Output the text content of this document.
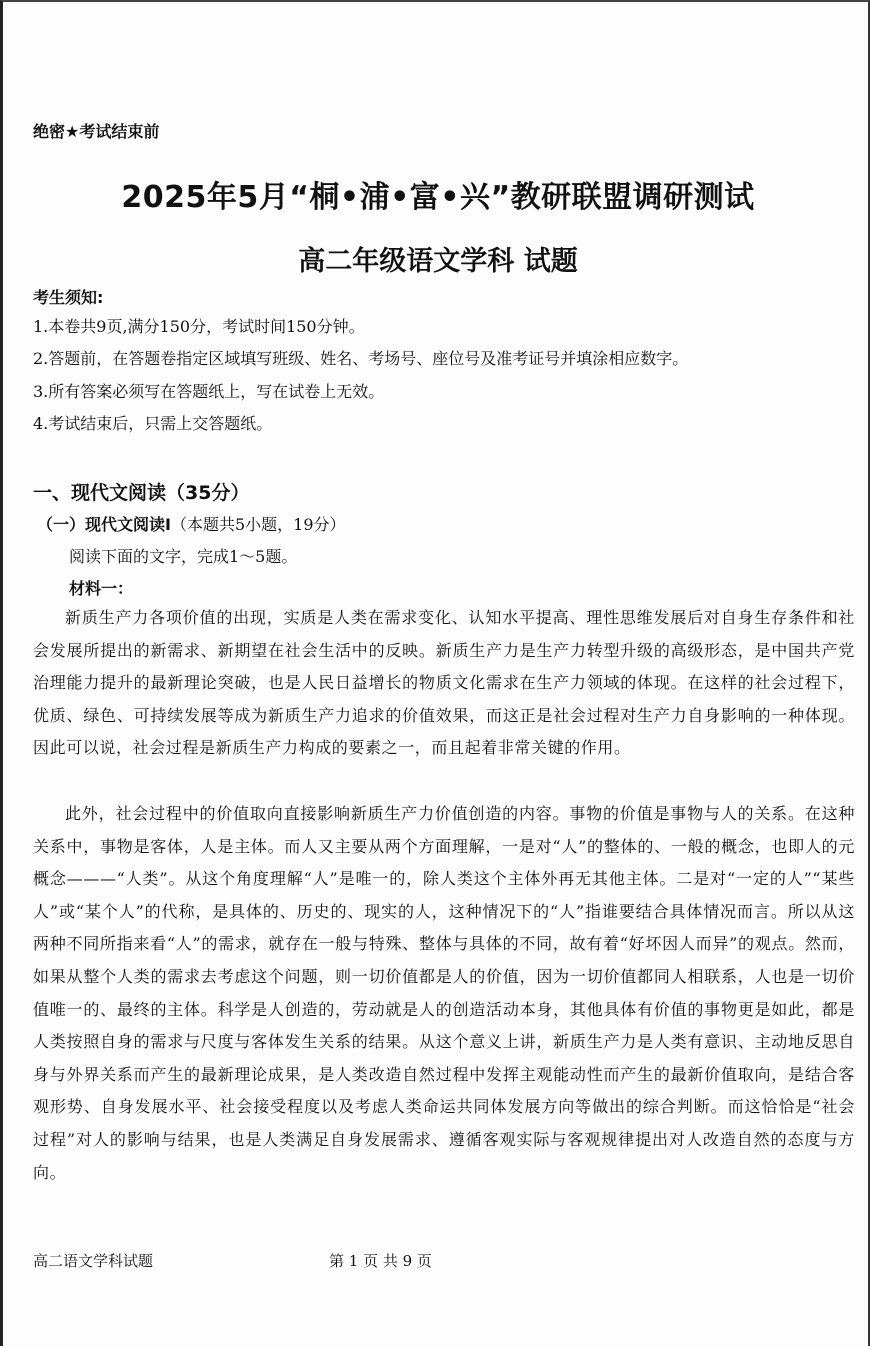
绝密★考试结束前
2025年5月“桐•浦•富•兴”教研联盟调研测试
高二年级语文学科 试题
考生须知:
1.本卷共9页,满分150分，考试时间150分钟。
2.答题前，在答题卷指定区域填写班级、姓名、考场号、座位号及准考证号并填涂相应数字。
3.所有答案必须写在答题纸上，写在试卷上无效。
4.考试结束后，只需上交答题纸。
一、现代文阅读（35分）
（一）现代文阅读Ⅰ（本题共5小题，19分）
阅读下面的文字，完成1～5题。
材料一：

新质生产力各项价值的出现，实质是人类在需求变化、认知水平提高、理性思维发展后对自身生存条件和社会发展所提出的新需求、新期望在社会生活中的反映。新质生产力是生产力转型升级的高级形态，是中国共产党治理能力提升的最新理论突破，也是人民日益增长的物质文化需求在生产力领域的体现。在这样的社会过程下，优质、绿色、可持续发展等成为新质生产力追求的价值效果，而这正是社会过程对生产力自身影响的一种体现。因此可以说，社会过程是新质生产力构成的要素之一，而且起着非常关键的作用。

此外，社会过程中的价值取向直接影响新质生产力价值创造的内容。事物的价值是事物与人的关系。在这种关系中，事物是客体，人是主体。而人又主要从两个方面理解，一是对“人”的整体的、一般的概念，也即人的元概念———“人类”。从这个角度理解“人”是唯一的，除人类这个主体外再无其他主体。二是对“一定的人”“某些人”或“某个人”的代称，是具体的、历史的、现实的人，这种情况下的“人”指谁要结合具体情况而言。所以从这两种不同所指来看“人”的需求，就存在一般与特殊、整体与具体的不同，故有着“好坏因人而异”的观点。然而，如果从整个人类的需求去考虑这个问题，则一切价值都是人的价值，因为一切价值都同人相联系，人也是一切价值唯一的、最终的主体。科学是人创造的，劳动就是人的创造活动本身，其他具体有价值的事物更是如此，都是人类按照自身的需求与尺度与客体发生关系的结果。从这个意义上讲，新质生产力是人类有意识、主动地反思自身与外界关系而产生的最新理论成果，是人类改造自然过程中发挥主观能动性而产生的最新价值取向，是结合客观形势、自身发展水平、社会接受程度以及考虑人类命运共同体发展方向等做出的综合判断。而这恰恰是“社会过程”对人的影响与结果，也是人类满足自身发展需求、遵循客观实际与客观规律提出对人改造自然的态度与方向。

高二语文学科试题	第 1 页 共 9 页
